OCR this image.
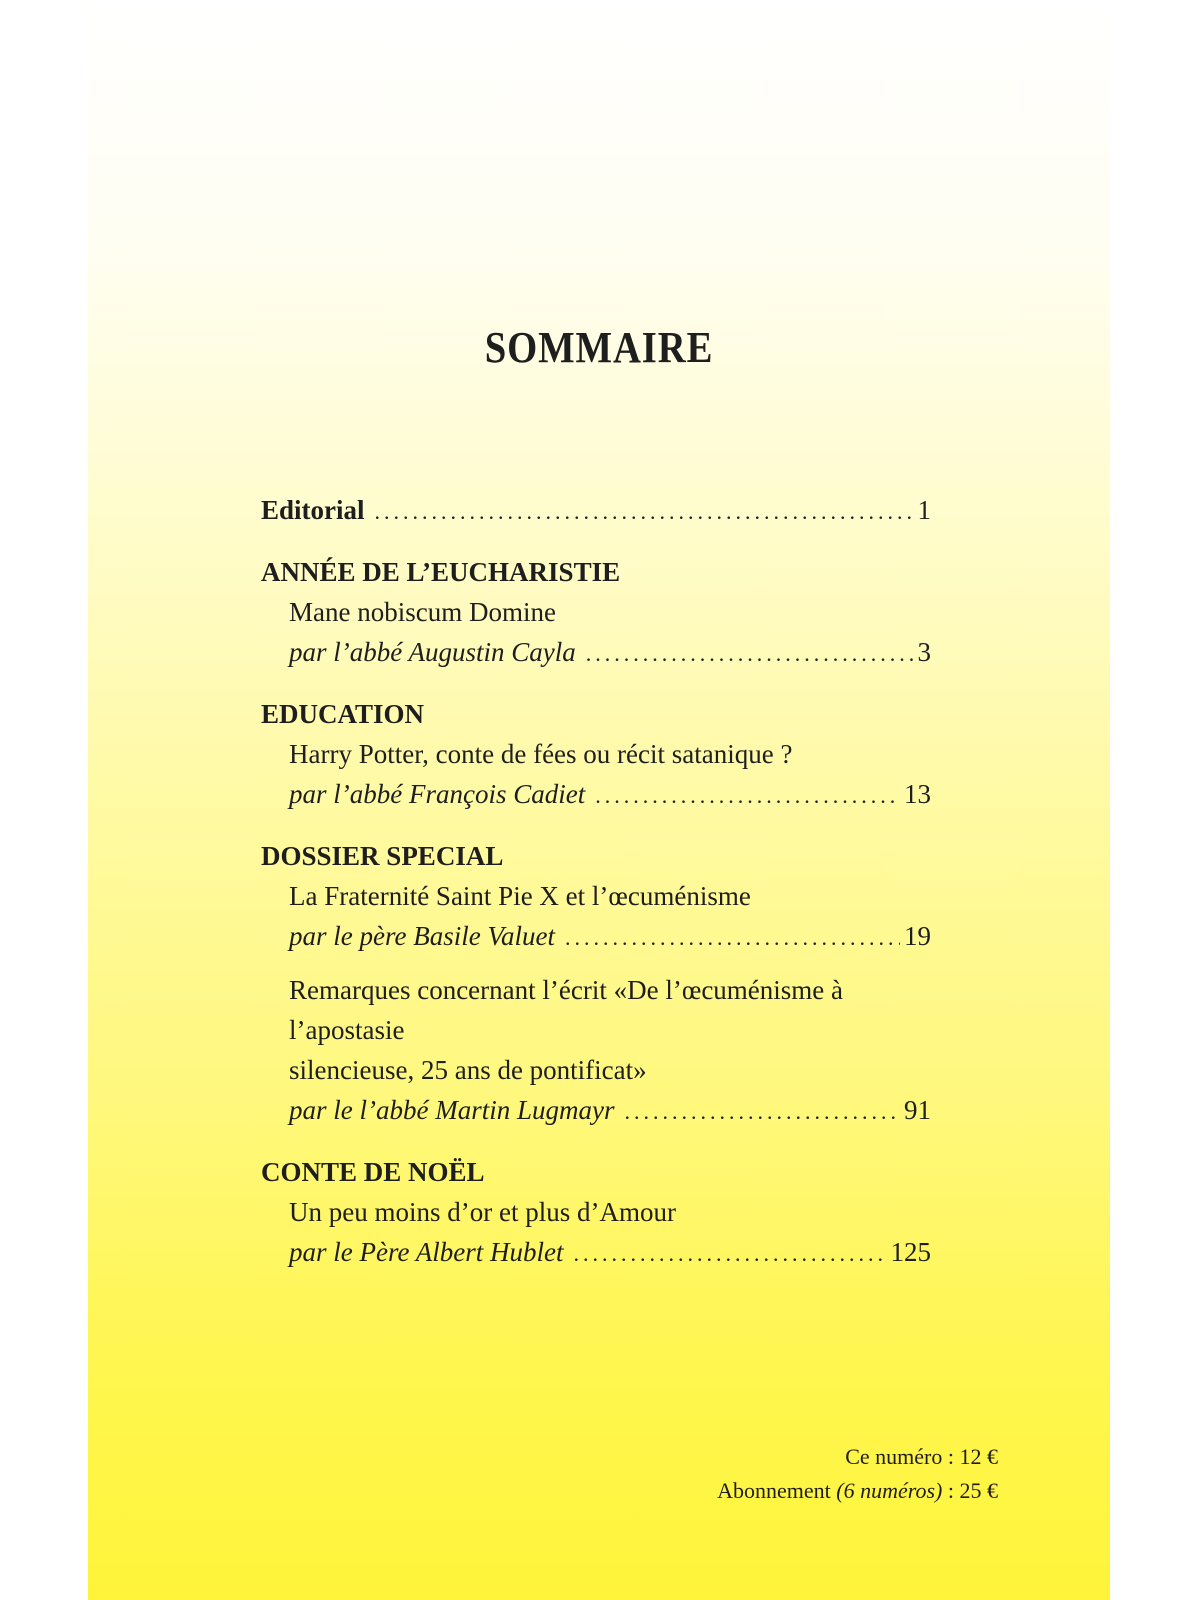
SOMMAIRE
Editorial .....	1
ANNÉE DE L’EUCHARISTIE
Mane nobiscum Domine
par l’abbé Augustin Cayla .....	3
EDUCATION
Harry Potter, conte de fées ou récit satanique ?
par l’abbé François Cadiet .....	13
DOSSIER SPECIAL
La Fraternité Saint Pie X et l’œcuménisme
par le père Basile Valuet .....	19
Remarques concernant l’écrit «De l’œcuménisme à l’apostasie
silencieuse, 25 ans de pontificat»
par le l’abbé Martin Lugmayr .....	91
CONTE DE NOËL
Un peu moins d’or et plus d’Amour
par le Père Albert Hublet .....	125
Ce numéro : 12 €
Abonnement (6 numéros) : 25 €
